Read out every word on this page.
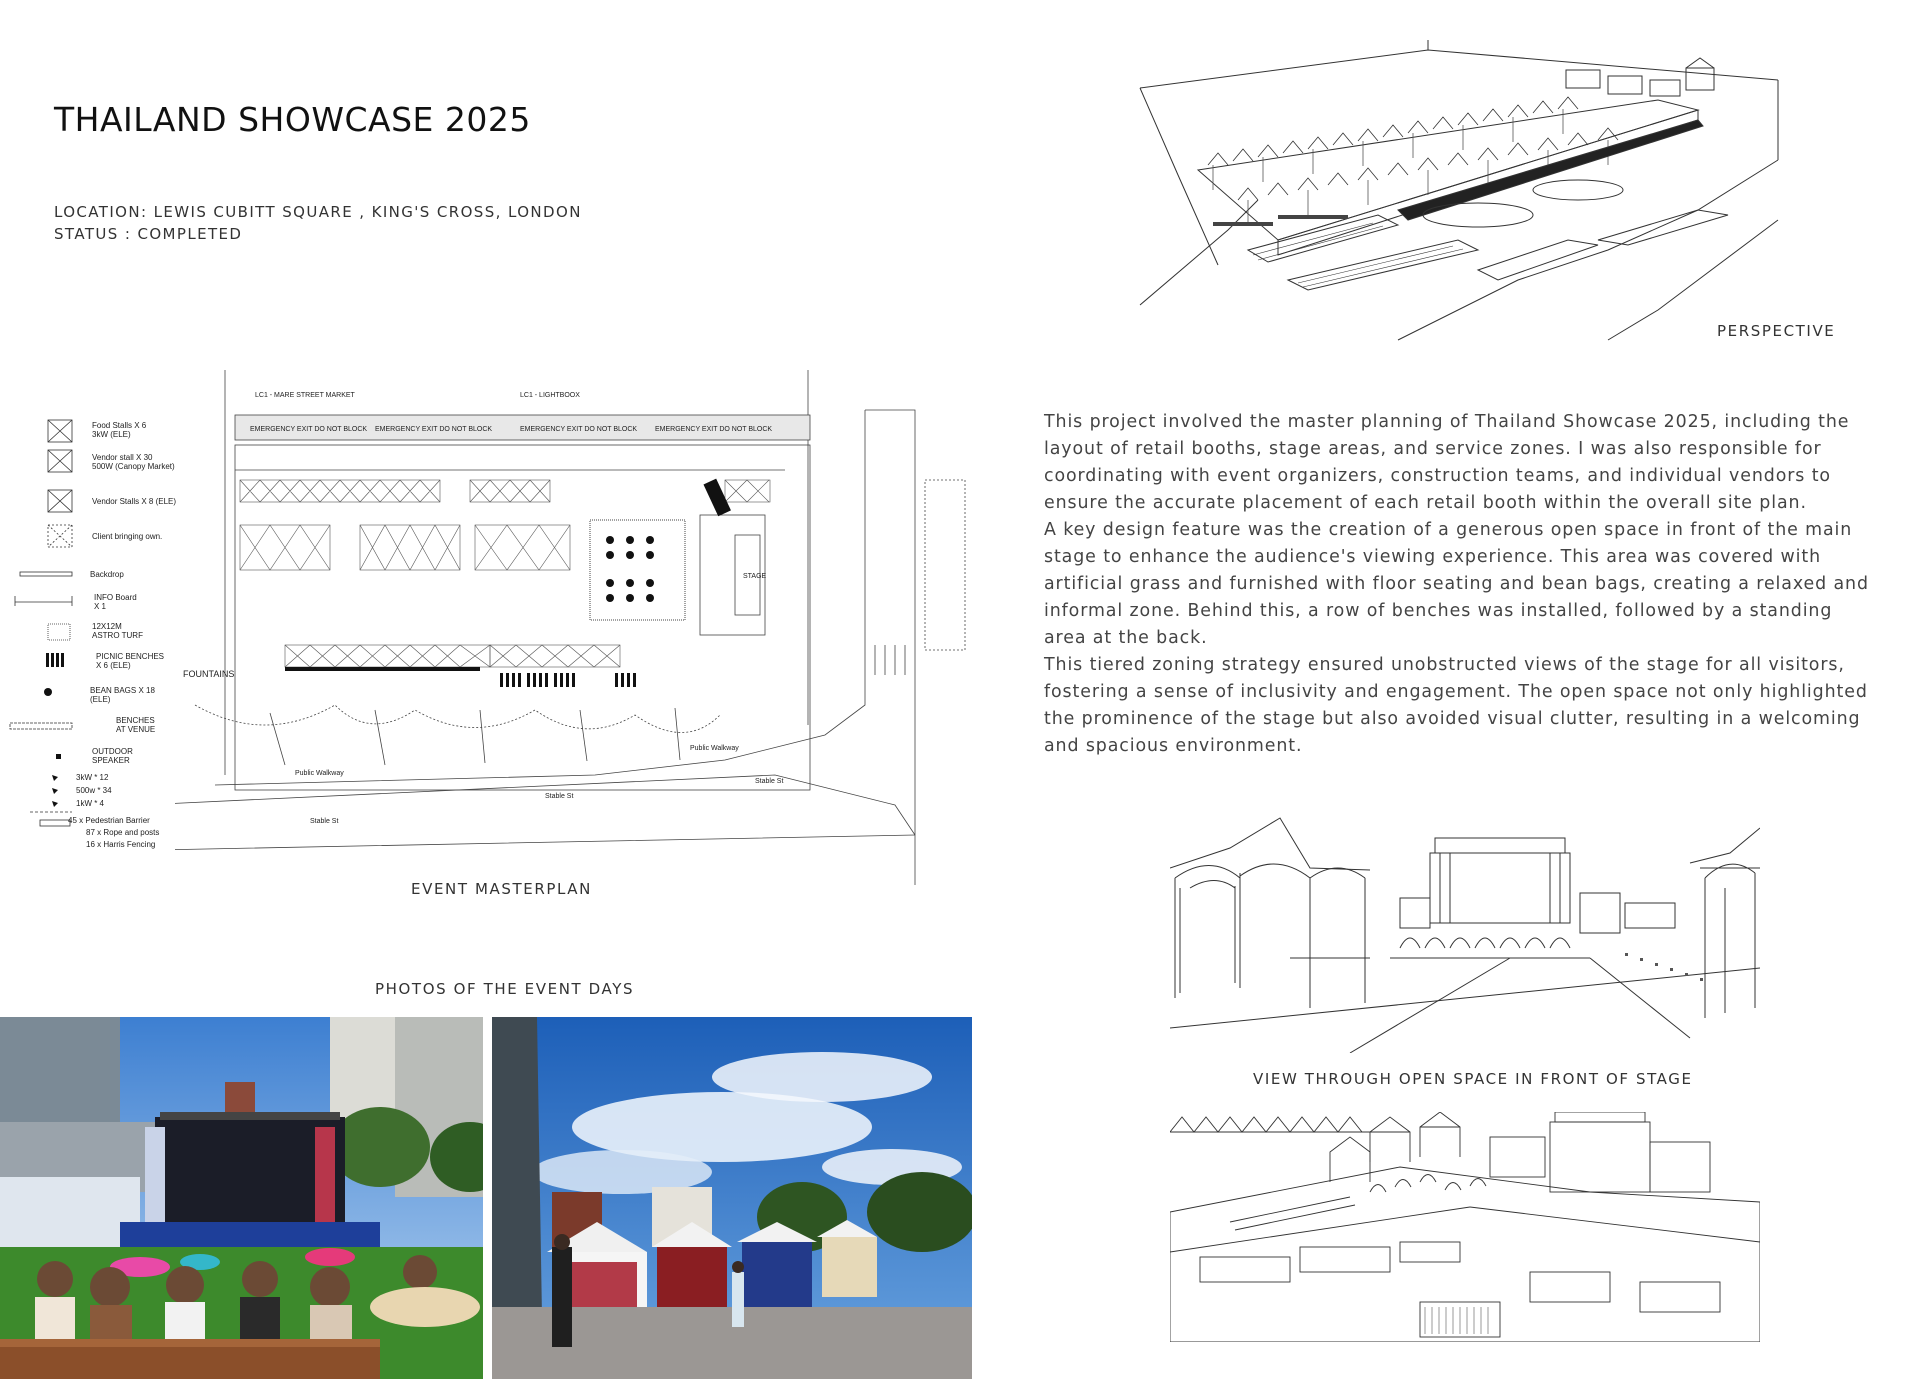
THAILAND SHOWCASE 2025
LOCATION: LEWIS CUBITT SQUARE , KING'S CROSS, LONDON
STATUS : COMPLETED
PERSPECTIVE

This project involved the master planning of Thailand Showcase 2025, including the layout of retail booths, stage areas, and service zones. I was also responsible for coordinating with event organizers, construction teams, and individual vendors to ensure the accurate placement of each retail booth within the overall site plan.

A key design feature was the creation of a generous open space in front of the main stage to enhance the audience's viewing experience. This area was covered with artificial grass and furnished with floor seating and bean bags, creating a relaxed and informal zone. Behind this, a row of benches was installed, followed by a standing area at the back.

This tiered zoning strategy ensured unobstructed views of the stage for all visitors, fostering a sense of inclusivity and engagement. The open space not only highlighted the prominence of the stage but also avoided visual clutter, resulting in a welcoming and spacious environment.

Food Stalls X 6
3kW (ELE)
Vendor stall X 30
500W (Canopy Market)
Vendor Stalls X 8 (ELE)
Client bringing own.
Backdrop
INFO Board
X 1
12X12M
ASTRO TURF
PICNIC BENCHES
X 6 (ELE)
BEAN BAGS X 18
(ELE)
BENCHES
AT VENUE
OUTDOOR
SPEAKER
3kW * 12
500w * 34
1kW * 4
45 x Pedestrian Barrier
87 x Rope and posts
16 x Harris Fencing
LC1 - MARE STREET MARKET	LC1 - LIGHTBOOX
EMERGENCY EXIT DO NOT BLOCK EMERGENCY EXIT DO NOT BLOCK	EMERGENCY EXIT DO NOT BLOCK	EMERGENCY EXIT DO NOT BLOCK
STAGE
FOUNTAINS
Public Walkway
Public Walkway
Stable St
Stable St
Stable St
EVENT MASTERPLAN
PHOTOS OF THE EVENT DAYS
VIEW THROUGH OPEN SPACE IN FRONT OF STAGE
